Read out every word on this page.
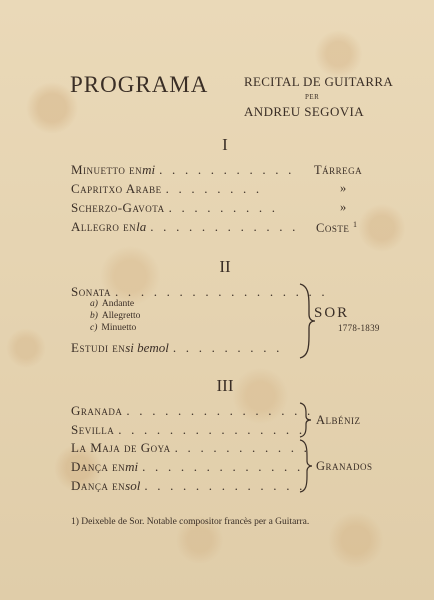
PROGRAMA	RECITAL DE GUITARRA
PER
ANDREU SEGOVIA
I
Minuetto en mi . . . . . . . . . . . Tárrega
Capritxo Arabe . . . . . . . .	»
Scherzo-Gavota . . . . . . . . .	»
Allegro en la . . . . . . . . . . . . Coste $^1$
II
Sonata . . . . . . . . . . . . . . . . .
a) Andante
b) Allegretto
c) Minuetto
Estudi en si bemol . . . . . . . . .
SOR
1778-1839
III
Granada . . . . . . . . . . . . . . .
Sevilla . . . . . . . . . . . . . . .
Albéniz
La Maja de Goya . . . . . . . . . . .
Dança en mi . . . . . . . . . . . . .
Dança en sol . . . . . . . . . . . . .
Granados
1) Deixeble de Sor. Notable compositor francès per a Guitarra.
